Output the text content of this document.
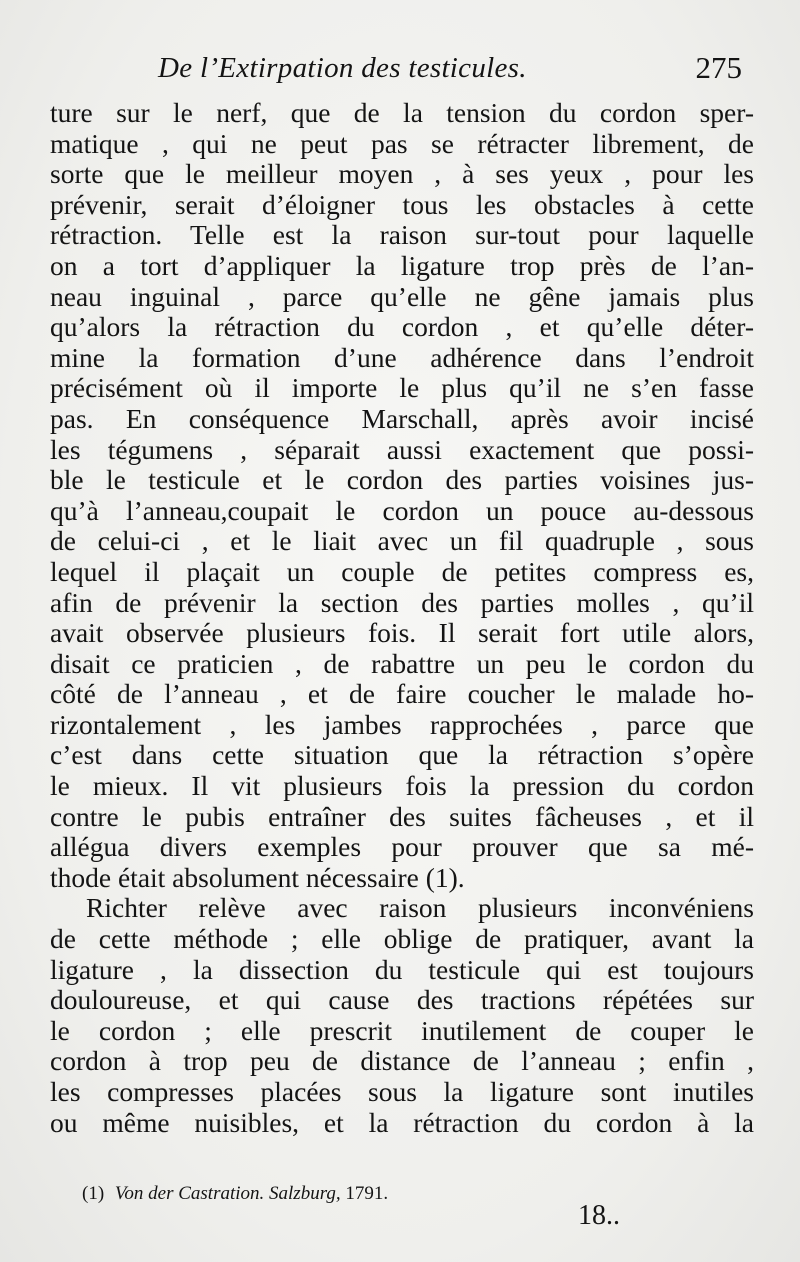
De l’Extirpation des testicules.	275
ture sur le nerf, que de la tension du cordon sper-
matique , qui ne peut pas se rétracter librement, de
sorte que le meilleur moyen , à ses yeux , pour les
prévenir, serait d’éloigner tous les obstacles à cette
rétraction. Telle est la raison sur-tout pour laquelle
on a tort d’appliquer la ligature trop près de l’an-
neau inguinal , parce qu’elle ne gêne jamais plus
qu’alors la rétraction du cordon , et qu’elle déter-
mine la formation d’une adhérence dans l’endroit
précisément où il importe le plus qu’il ne s’en fasse
pas. En conséquence Marschall, après avoir incisé
les tégumens , séparait aussi exactement que possi-
ble le testicule et le cordon des parties voisines jus-
qu’à l’anneau,coupait le cordon un pouce au-dessous
de celui-ci , et le liait avec un fil quadruple , sous
lequel il plaçait un couple de petites compress es,
afin de prévenir la section des parties molles , qu’il
avait observée plusieurs fois. Il serait fort utile alors,
disait ce praticien , de rabattre un peu le cordon du
côté de l’anneau , et de faire coucher le malade ho-
rizontalement , les jambes rapprochées , parce que
c’est dans cette situation que la rétraction s’opère
le mieux. Il vit plusieurs fois la pression du cordon
contre le pubis entraîner des suites fâcheuses , et il
allégua divers exemples pour prouver que sa mé-
thode était absolument nécessaire (1).
Richter relève avec raison plusieurs inconvéniens
de cette méthode ; elle oblige de pratiquer, avant la
ligature , la dissection du testicule qui est toujours
douloureuse, et qui cause des tractions répétées sur
le cordon ; elle prescrit inutilement de couper le
cordon à trop peu de distance de l’anneau ; enfin ,
les compresses placées sous la ligature sont inutiles
ou même nuisibles, et la rétraction du cordon à la
(1) Von der Castration. Salzburg, 1791.
18..
